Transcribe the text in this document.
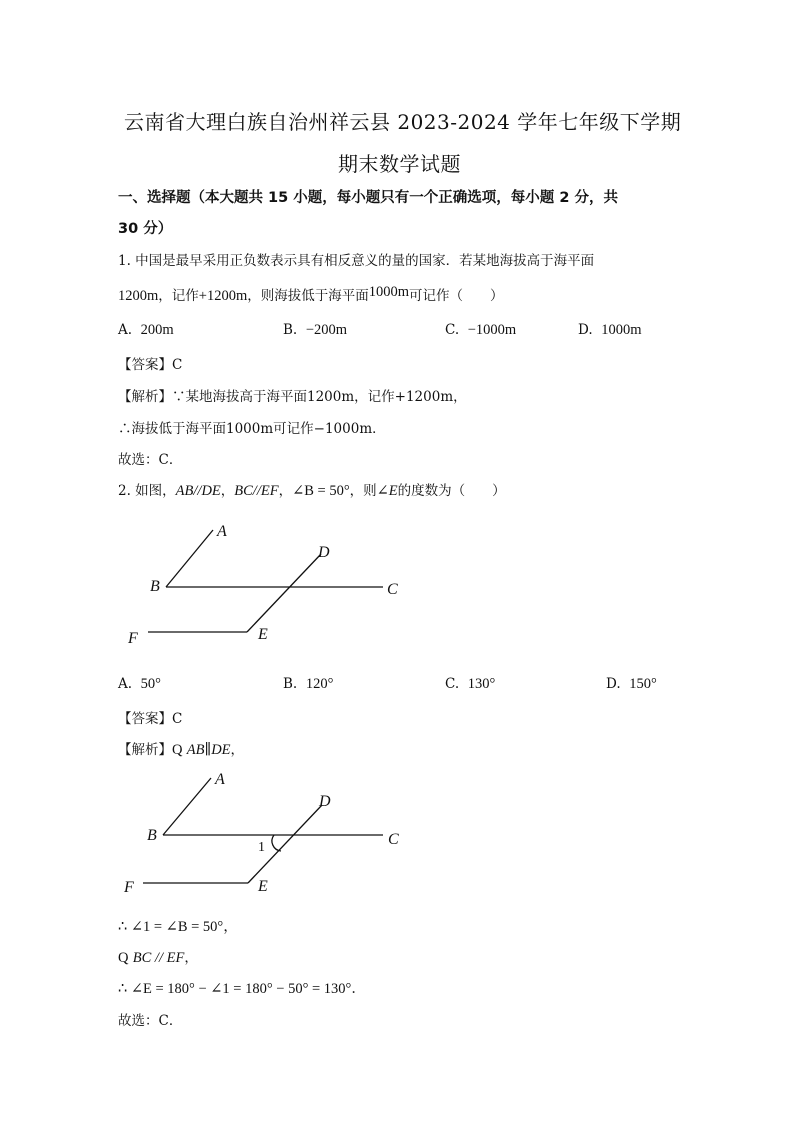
云南省大理白族自治州祥云县 2023-2024 学年七年级下学期
期末数学试题
一、选择题（本大题共 15 小题，每小题只有一个正确选项，每小题 2 分，共
30 分）
1. 中国是最早采用正负数表示具有相反意义的量的国家．若某地海拔高于海平面
1200m，记作+1200m，则海拔低于海平面1000m可记作（　　）
A. 200m	B. −200m	C. −1000m	D. 1000m
【答案】C
【解析】∵某地海拔高于海平面1200m，记作+1200m，
∴海拔低于海平面1000m可记作−1000m．
故选：C．
2. 如图，AB//DE，BC//EF，∠B = 50°，则∠E的度数为（　　）
A
B	C
D
E
F
A. 50°	B. 120°	C. 130°	D. 150°
【答案】C
【解析】Q AB∥DE，
A
B	C
D
E
F
1
∴ ∠1 = ∠B = 50°，
Q BC // EF，
∴ ∠E = 180° − ∠1 = 180° − 50° = 130°．
故选：C．
